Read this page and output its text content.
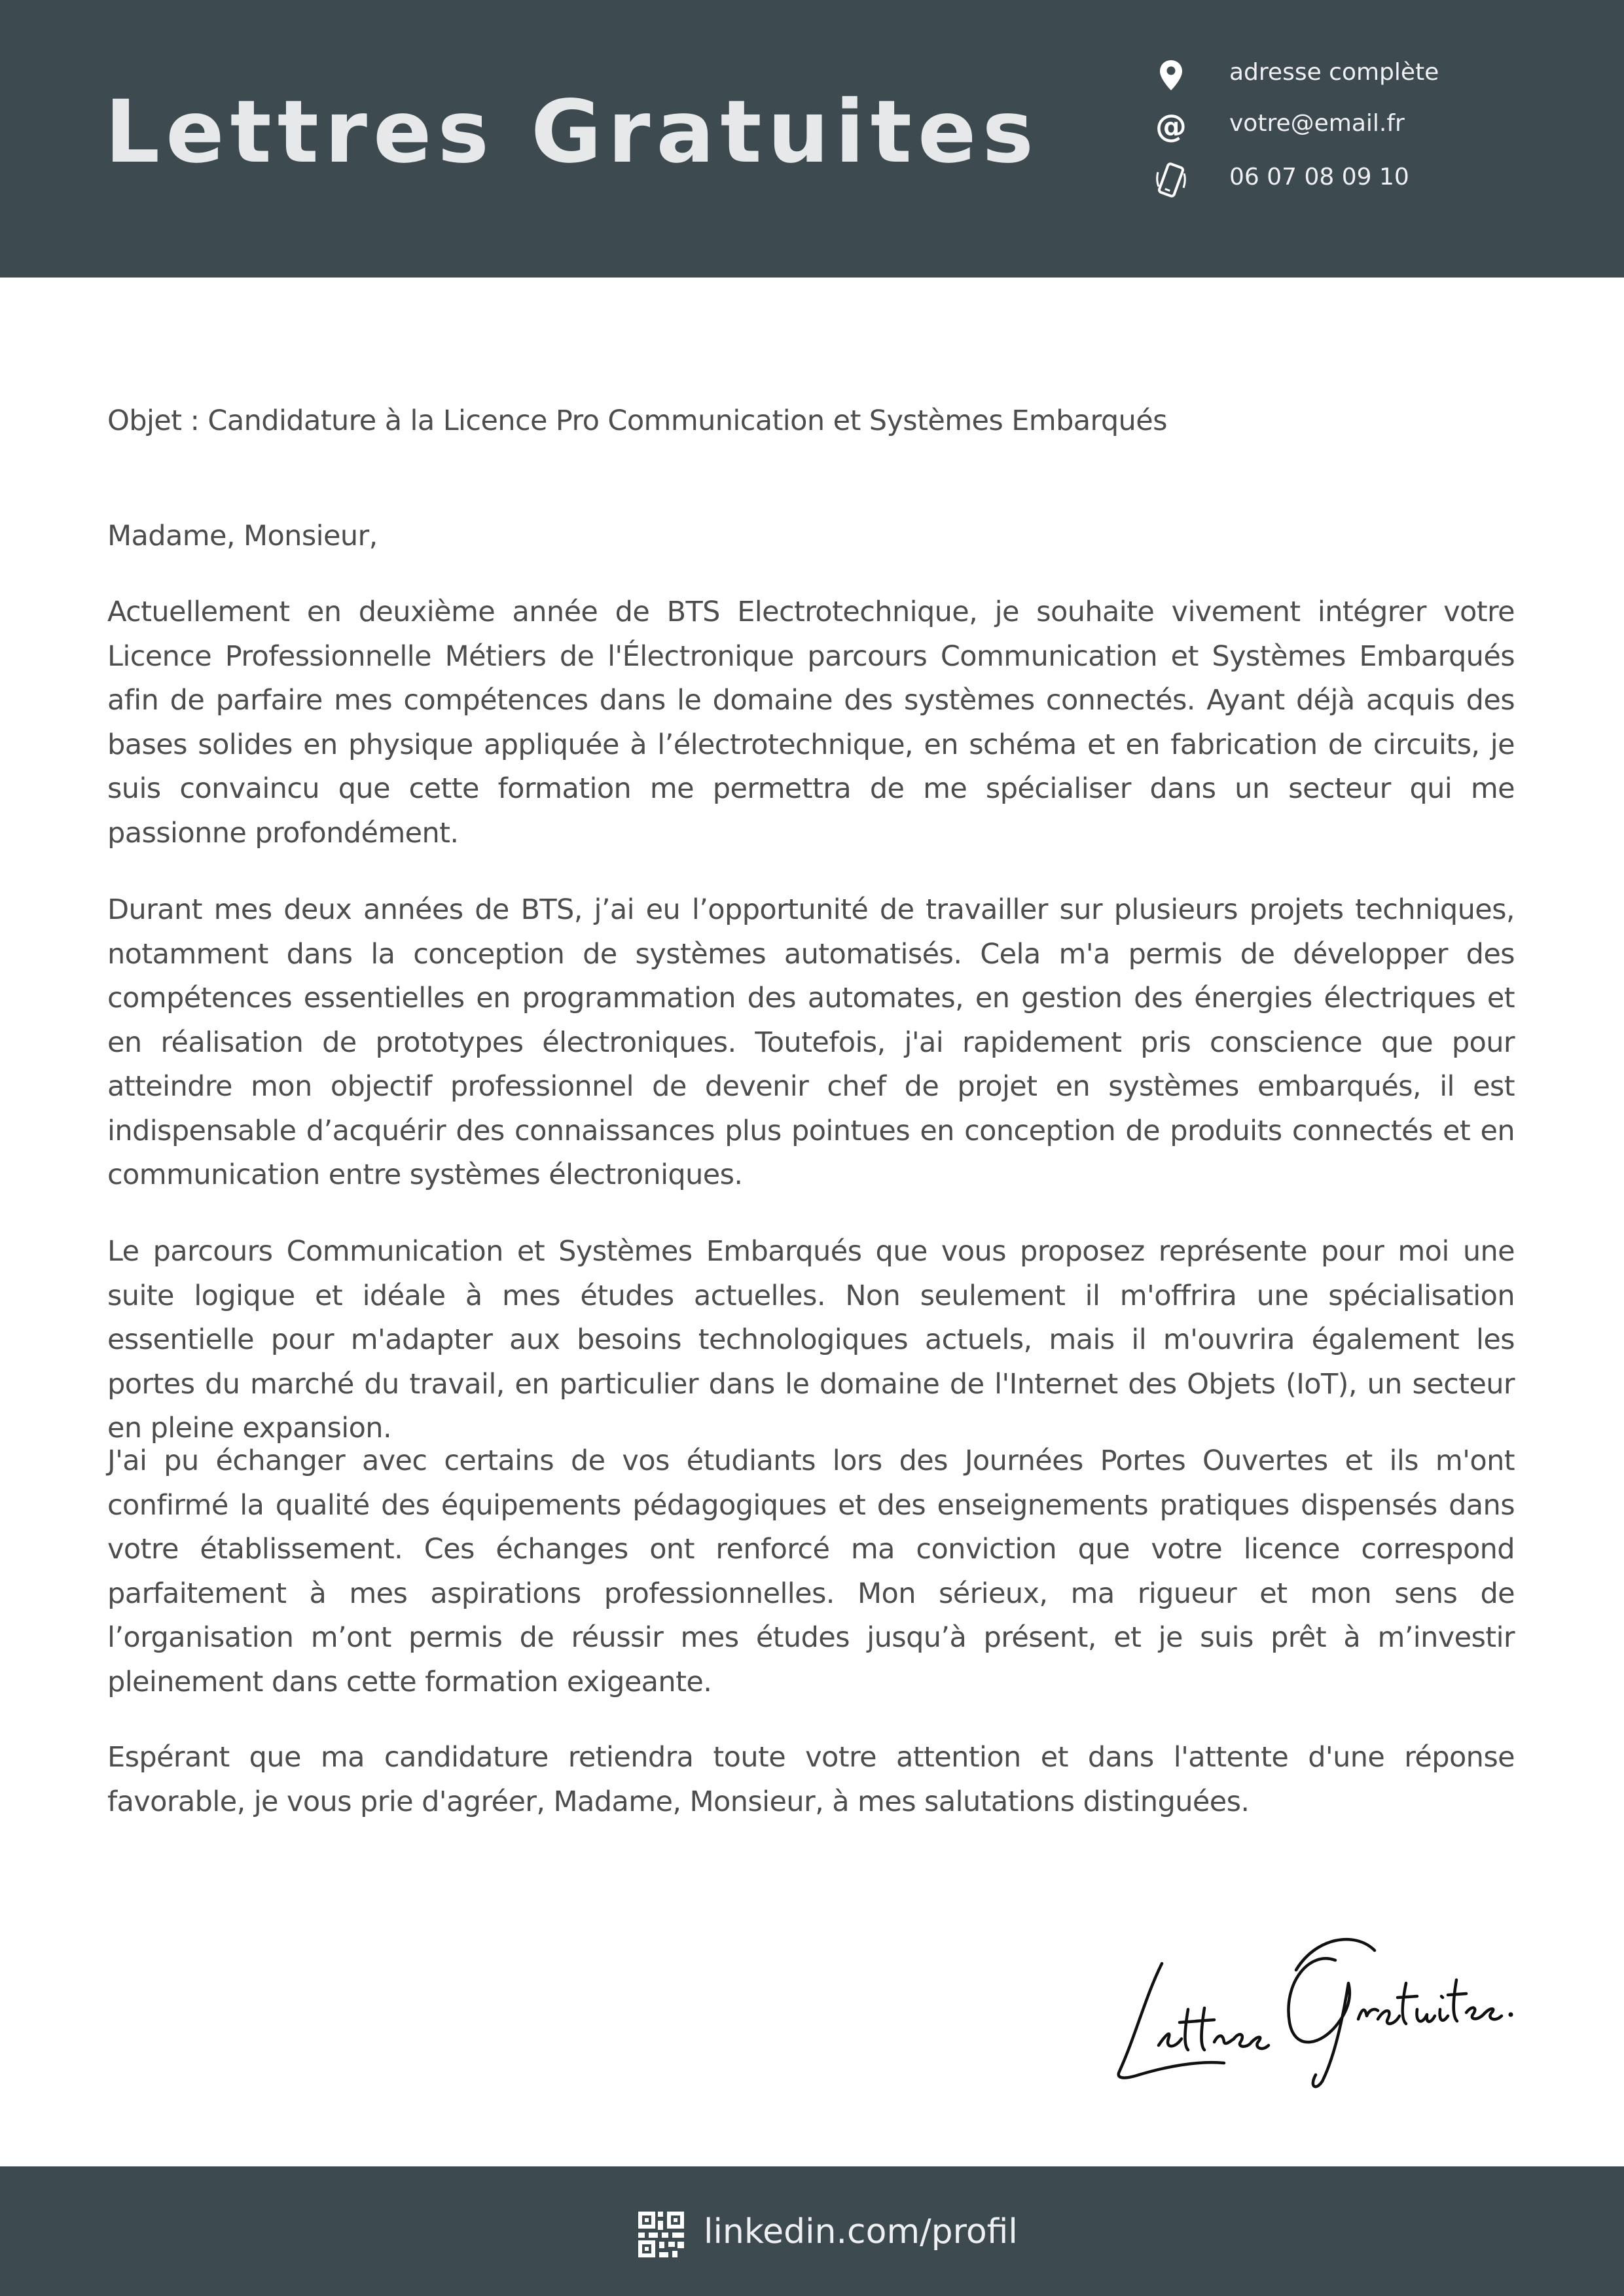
Lettres Gratuites
adresse complète
@ votre@email.fr
06 07 08 09 10
Objet : Candidature à la Licence Pro Communication et Systèmes Embarqués
Madame, Monsieur,

Actuellement en deuxième année de BTS Electrotechnique, je souhaite vivement intégrer votre Licence Professionnelle Métiers de l'Électronique parcours Communication et Systèmes Embarqués afin de parfaire mes compétences dans le domaine des systèmes connectés. Ayant déjà acquis des bases solides en physique appliquée à l’électrotechnique, en schéma et en fabrication de circuits, je suis convaincu que cette formation me permettra de me spécialiser dans un secteur qui me passionne profondément.

Durant mes deux années de BTS, j’ai eu l’opportunité de travailler sur plusieurs projets techniques, notamment dans la conception de systèmes automatisés. Cela m'a permis de développer des compétences essentielles en programmation des automates, en gestion des énergies électriques et en réalisation de prototypes électroniques. Toutefois, j'ai rapidement pris conscience que pour atteindre mon objectif professionnel de devenir chef de projet en systèmes embarqués, il est indispensable d’acquérir des connaissances plus pointues en conception de produits connectés et en communication entre systèmes électroniques.

Le parcours Communication et Systèmes Embarqués que vous proposez représente pour moi une suite logique et idéale à mes études actuelles. Non seulement il m'offrira une spécialisation essentielle pour m'adapter aux besoins technologiques actuels, mais il m'ouvrira également les portes du marché du travail, en particulier dans le domaine de l'Internet des Objets (IoT), un secteur en pleine expansion.

J'ai pu échanger avec certains de vos étudiants lors des Journées Portes Ouvertes et ils m'ont confirmé la qualité des équipements pédagogiques et des enseignements pratiques dispensés dans votre établissement. Ces échanges ont renforcé ma conviction que votre licence correspond parfaitement à mes aspirations professionnelles. Mon sérieux, ma rigueur et mon sens de l’organisation m’ont permis de réussir mes études jusqu’à présent, et je suis prêt à m’investir pleinement dans cette formation exigeante.

Espérant que ma candidature retiendra toute votre attention et dans l'attente d'une réponse favorable, je vous prie d'agréer, Madame, Monsieur, à mes salutations distinguées.

linkedin.com/profil
